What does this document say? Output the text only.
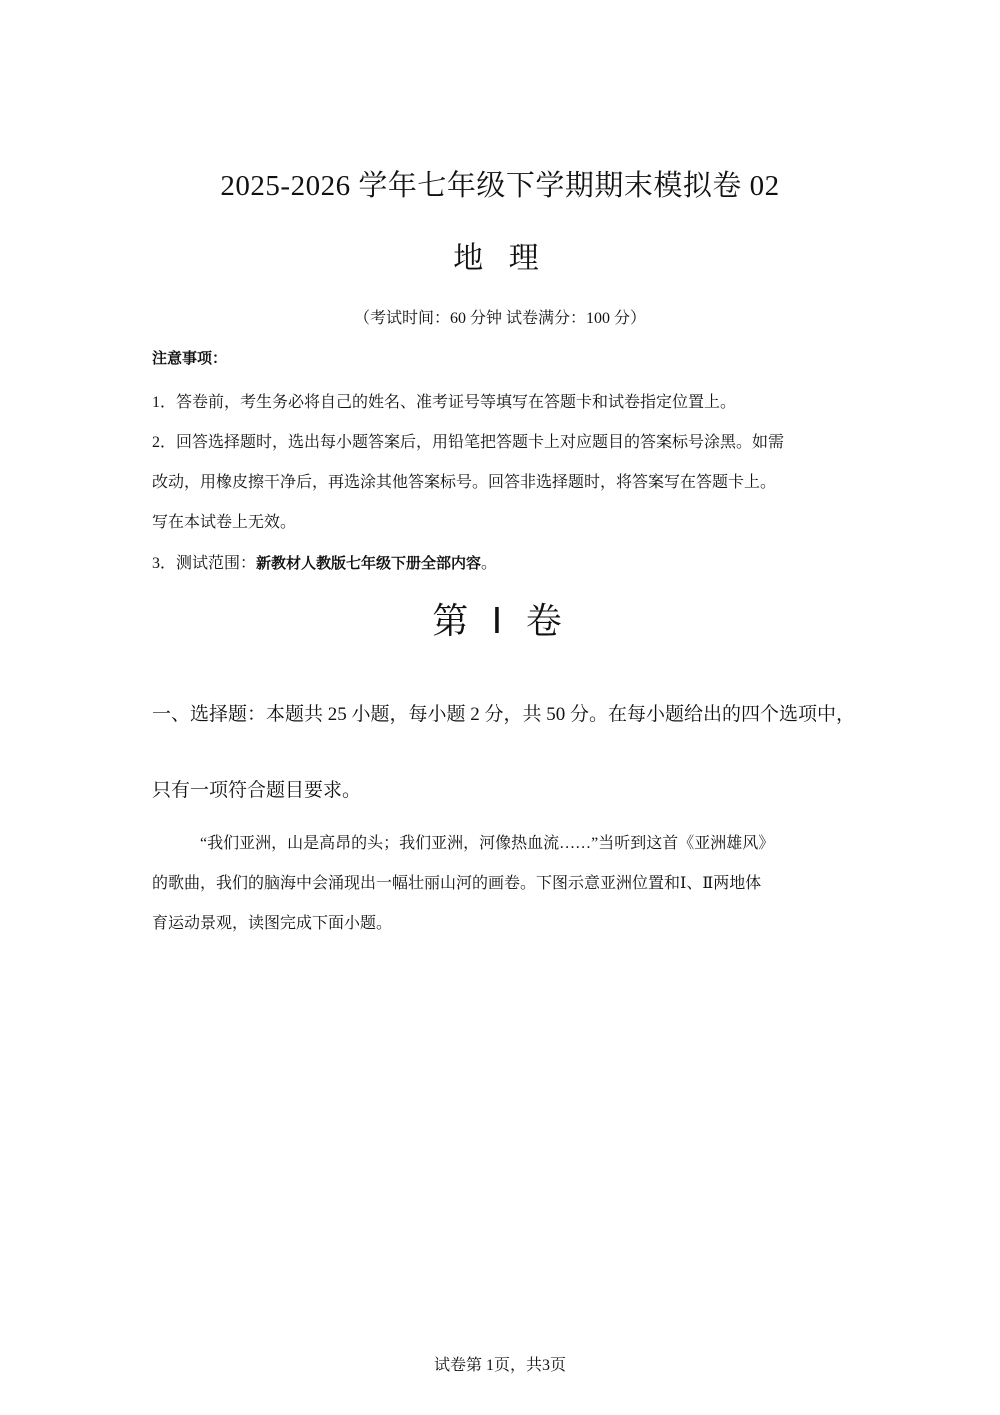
2025-2026 学年七年级下学期期末模拟卷 02
地 理
（考试时间：60 分钟 试卷满分：100 分）

注意事项：

1．答卷前，考生务必将自己的姓名、准考证号等填写在答题卡和试卷指定位置上。

2．回答选择题时，选出每小题答案后，用铅笔把答题卡上对应题目的答案标号涂黑。如需

改动，用橡皮擦干净后，再选涂其他答案标号。回答非选择题时，将答案写在答题卡上。

写在本试卷上无效。

3．测试范围：新教材人教版七年级下册全部内容。

第 I 卷
一、选择题：本题共 25 小题，每小题 2 分，共 50 分。在每小题给出的四个选项中，
只有一项符合题目要求。

“我们亚洲，山是高昂的头；我们亚洲，河像热血流……”当听到这首《亚洲雄风》

的歌曲，我们的脑海中会涌现出一幅壮丽山河的画卷。下图示意亚洲位置和Ⅰ、Ⅱ两地体

育运动景观，读图完成下面小题。

试卷第 1页，共3页
